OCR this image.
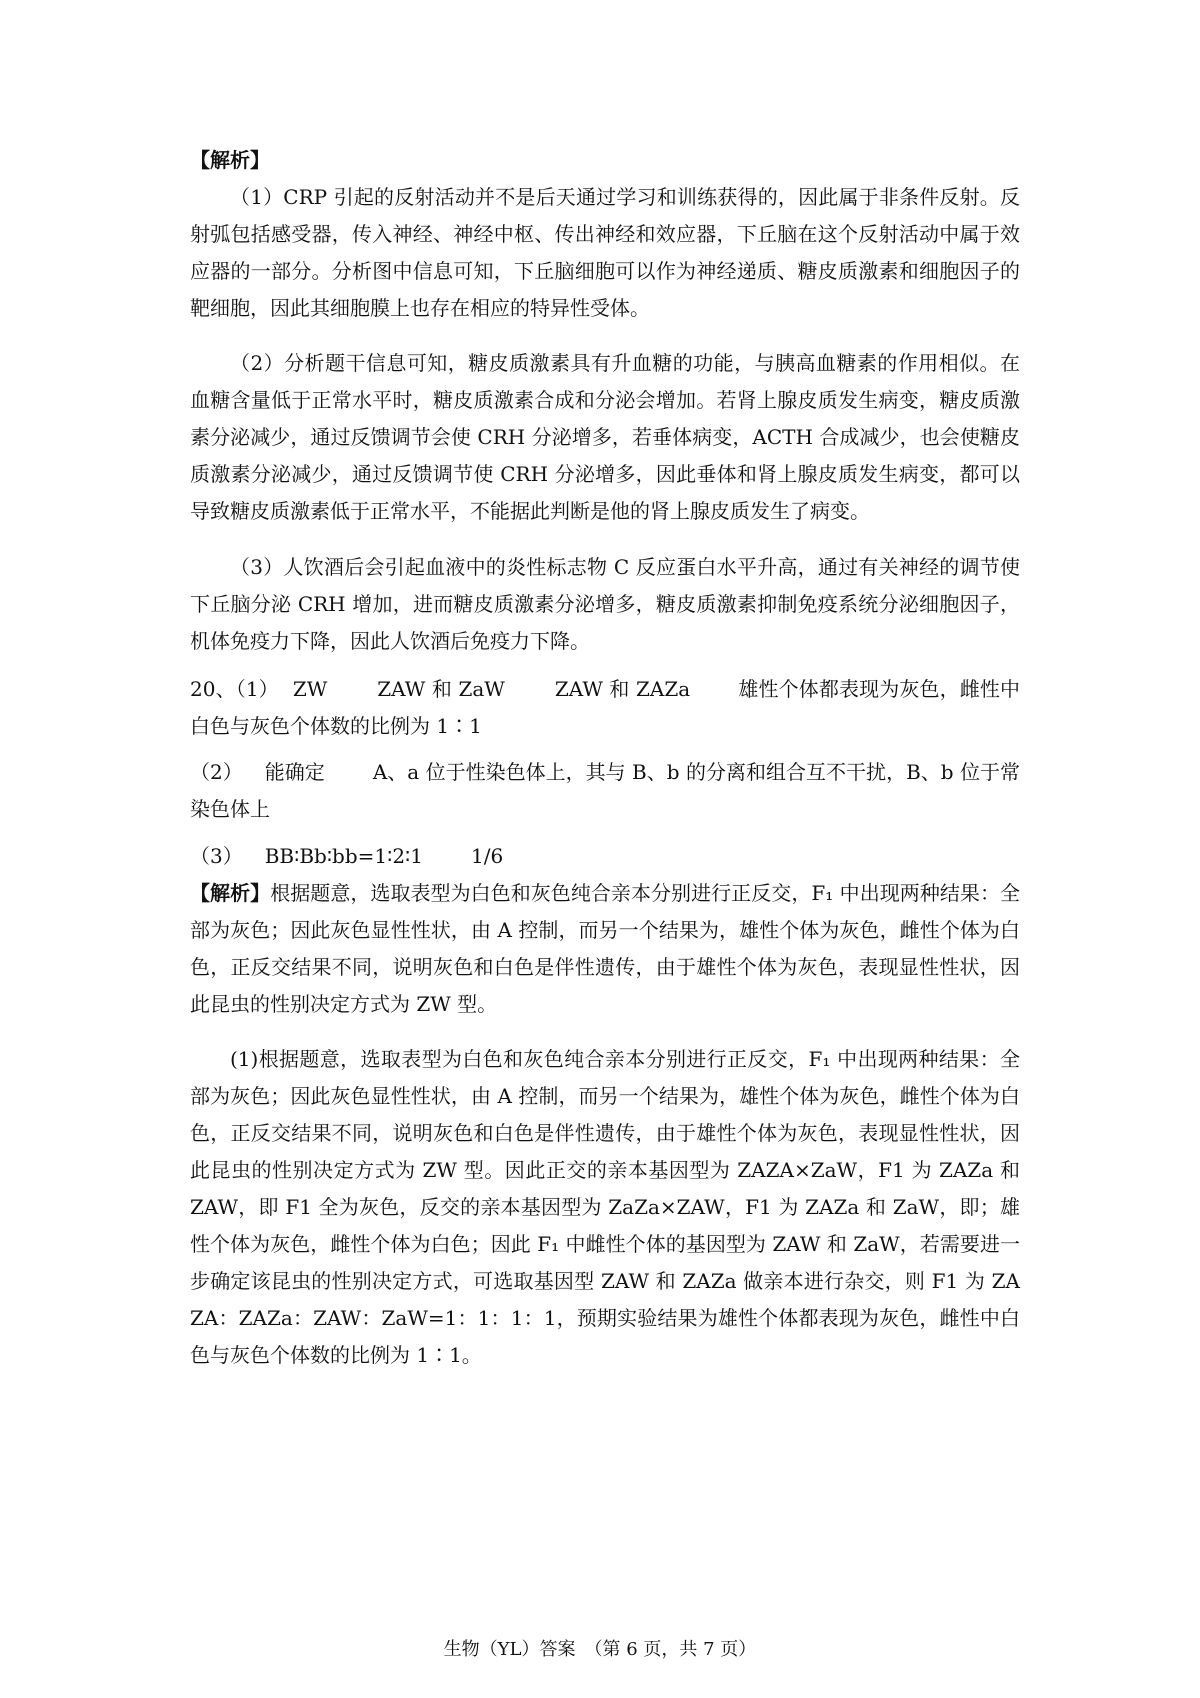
【解析】

（1）CRP 引起的反射活动并不是后天通过学习和训练获得的，因此属于非条件反射。反射弧包括感受器，传入神经、神经中枢、传出神经和效应器，下丘脑在这个反射活动中属于效应器的一部分。分析图中信息可知，下丘脑细胞可以作为神经递质、糖皮质激素和细胞因子的靶细胞，因此其细胞膜上也存在相应的特异性受体。

（2）分析题干信息可知，糖皮质激素具有升血糖的功能，与胰高血糖素的作用相似。在血糖含量低于正常水平时，糖皮质激素合成和分泌会增加。若肾上腺皮质发生病变，糖皮质激素分泌减少，通过反馈调节会使 CRH 分泌增多，若垂体病变，ACTH 合成减少，也会使糖皮质激素分泌减少，通过反馈调节使 CRH 分泌增多，因此垂体和肾上腺皮质发生病变，都可以导致糖皮质激素低于正常水平，不能据此判断是他的肾上腺皮质发生了病变。

（3）人饮酒后会引起血液中的炎性标志物 C 反应蛋白水平升高，通过有关神经的调节使下丘脑分泌 CRH 增加，进而糖皮质激素分泌增多，糖皮质激素抑制免疫系统分泌细胞因子，机体免疫力下降，因此人饮酒后免疫力下降。

20、（1） ZW	ZAW 和 ZaW	ZAW 和 ZAZa 雄性个体都表现为灰色，雌性中白色与灰色个体数的比例为 1∶1

（2） 能确定 A、a 位于性染色体上，其与 B、b 的分离和组合互不干扰，B、b 位于常染色体上

（3） BB∶Bb∶bb=1∶2∶1 1/6

【解析】根据题意，选取表型为白色和灰色纯合亲本分别进行正反交，F₁ 中出现两种结果：全部为灰色；因此灰色显性性状，由 A 控制，而另一个结果为，雄性个体为灰色，雌性个体为白色，正反交结果不同，说明灰色和白色是伴性遗传，由于雄性个体为灰色，表现显性性状，因此昆虫的性别决定方式为 ZW 型。

(1)根据题意，选取表型为白色和灰色纯合亲本分别进行正反交，F₁ 中出现两种结果：全部为灰色；因此灰色显性性状，由 A 控制，而另一个结果为，雄性个体为灰色，雌性个体为白色，正反交结果不同，说明灰色和白色是伴性遗传，由于雄性个体为灰色，表现显性性状，因此昆虫的性别决定方式为 ZW 型。因此正交的亲本基因型为 ZAZA×ZaW，F1 为 ZAZa 和 ZAW，即 F1 全为灰色，反交的亲本基因型为 ZaZa×ZAW，F1 为 ZAZa 和 ZaW，即；雄性个体为灰色，雌性个体为白色；因此 F₁ 中雌性个体的基因型为 ZAW 和 ZaW，若需要进一步确定该昆虫的性别决定方式，可选取基因型 ZAW 和 ZAZa 做亲本进行杂交，则 F1 为 ZAZA：ZAZa：ZAW：ZaW=1：1：1：1，预期实验结果为雄性个体都表现为灰色，雌性中白色与灰色个体数的比例为 1∶1。

生物（YL）答案　（第 6 页，共 7 页）
